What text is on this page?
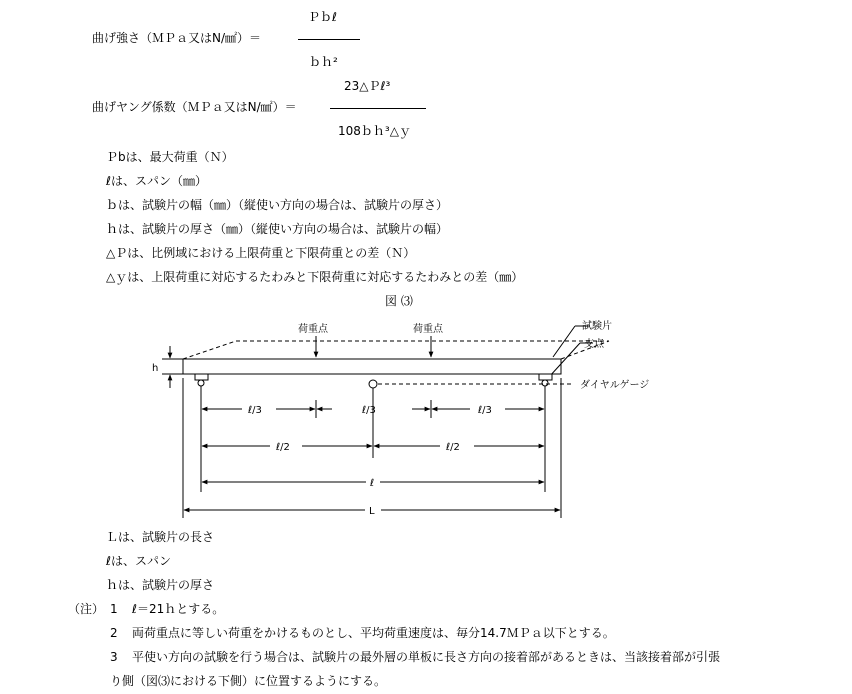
曲げ強さ（ＭＰａ又はN/㎟）＝
Ｐｂℓ
ｂｈ²
曲げヤング係数（ＭＰａ又はN/㎟）＝
23△Ｐℓ³
108ｂｈ³△ｙ
Ｐbは、最大荷重（Ｎ）
ℓは、スパン（㎜）
ｂは、試験片の幅（㎜）（縦使い方向の場合は、試験片の厚さ）
ｈは、試験片の厚さ（㎜）（縦使い方向の場合は、試験片の幅）
△Ｐは、比例域における上限荷重と下限荷重との差（Ｎ）
△ｙは、上限荷重に対応するたわみと下限荷重に対応するたわみとの差（㎜）
図 ⑶
h
荷重点	荷重点	試験片
支点
ダイヤルゲージ
ℓ/3	ℓ/3	ℓ/3
ℓ/2	ℓ/2
ℓ
L
Ｌは、試験片の長さ
ℓは、スパン
ｈは、試験片の厚さ
（注） 1 ℓ＝21ｈとする。
2 両荷重点に等しい荷重をかけるものとし、平均荷重速度は、毎分14.7ＭＰａ以下とする。
3 平使い方向の試験を行う場合は、試験片の最外層の単板に長さ方向の接着部があるときは、当該接着部が引張
り側（図⑶における下側）に位置するようにする。
